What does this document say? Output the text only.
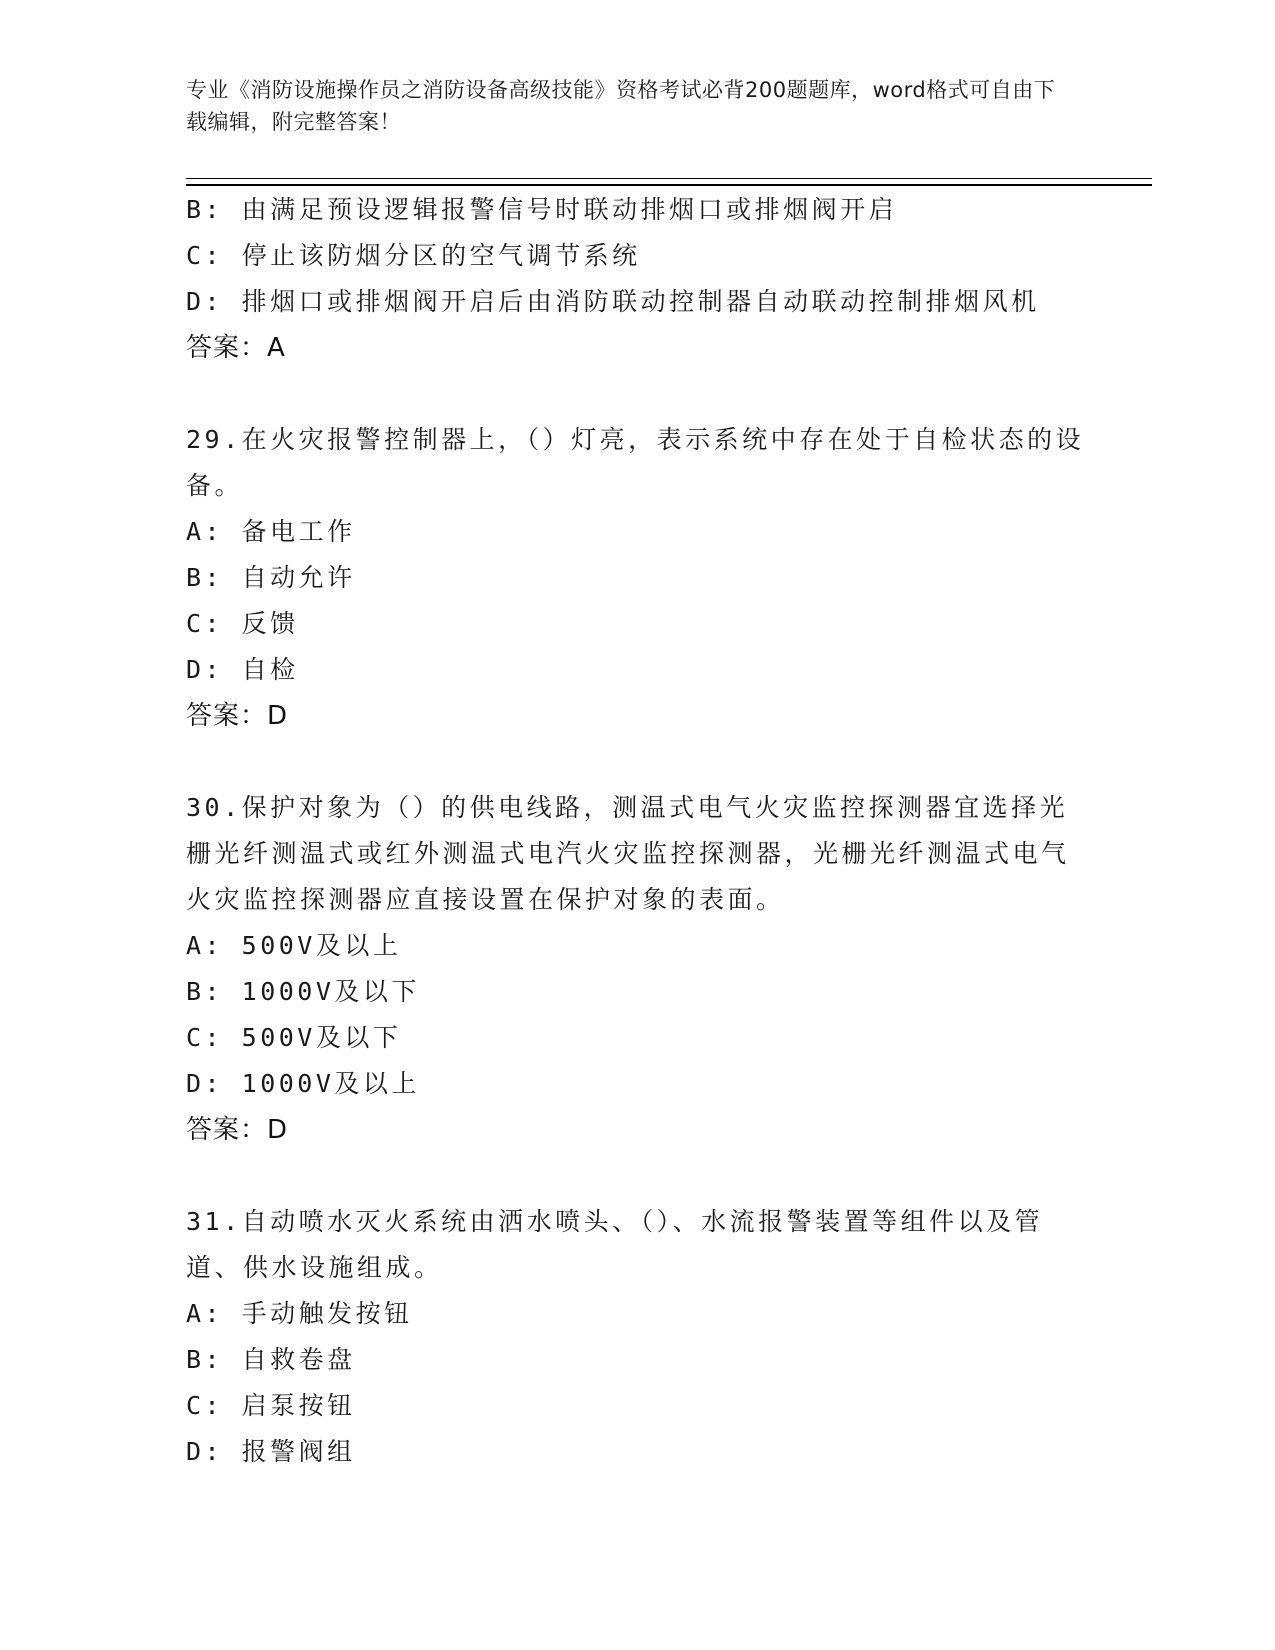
专业《消防设施操作员之消防设备高级技能》资格考试必背200题题库，word格式可自由下载编辑，附完整答案！
B: 由满足预设逻辑报警信号时联动排烟口或排烟阀开启
C: 停止该防烟分区的空气调节系统
D: 排烟口或排烟阀开启后由消防联动控制器自动联动控制排烟风机
答案：A
29.在火灾报警控制器上，（）灯亮，表示系统中存在处于自检状态的设备。
A: 备电工作
B: 自动允许
C: 反馈
D: 自检
答案：D
30.保护对象为（）的供电线路，测温式电气火灾监控探测器宜选择光栅光纤测温式或红外测温式电汽火灾监控探测器，光栅光纤测温式电气火灾监控探测器应直接设置在保护对象的表面。
A: 500V及以上
B: 1000V及以下
C: 500V及以下
D: 1000V及以上
答案：D
31.自动喷水灭火系统由洒水喷头、（）、水流报警装置等组件以及管道、供水设施组成。
A: 手动触发按钮
B: 自救卷盘
C: 启泵按钮
D: 报警阀组
